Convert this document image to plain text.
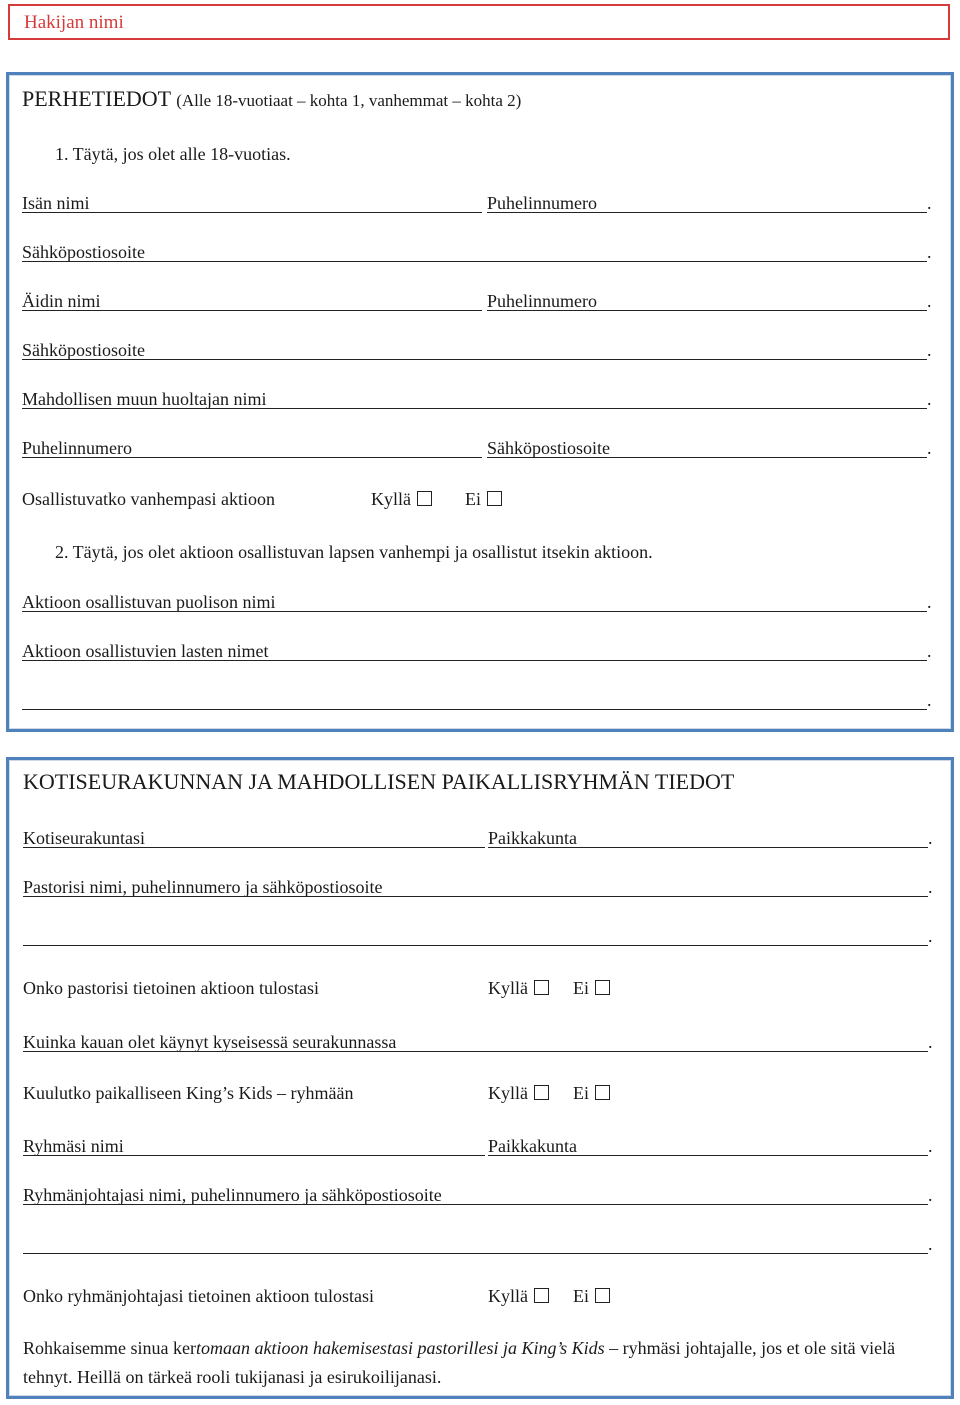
Hakijan nimi
PERHETIEDOT (Alle 18-vuotiaat – kohta 1, vanhemmat – kohta 2)
1. Täytä, jos olet alle 18-vuotias.
Isän nimi	Puhelinnumero	.
Sähköpostiosoite	.
Äidin nimi	Puhelinnumero	.
Sähköpostiosoite	.
Mahdollisen muun huoltajan nimi	.
Puhelinnumero	Sähköpostiosoite	.
Osallistuvatko vanhempasi aktioon	Kyllä	Ei
2. Täytä, jos olet aktioon osallistuvan lapsen vanhempi ja osallistut itsekin aktioon.
Aktioon osallistuvan puolison nimi	.
Aktioon osallistuvien lasten nimet	.
.
KOTISEURAKUNNAN JA MAHDOLLISEN PAIKALLISRYHMÄN TIEDOT
Kotiseurakuntasi	Paikkakunta	.
Pastorisi nimi, puhelinnumero ja sähköpostiosoite	.
.
Onko pastorisi tietoinen aktioon tulostasi	Kyllä	Ei
Kuinka kauan olet käynyt kyseisessä seurakunnassa	.
Kuulutko paikalliseen King’s Kids – ryhmään	Kyllä	Ei
Ryhmäsi nimi	Paikkakunta	.
Ryhmänjohtajasi nimi, puhelinnumero ja sähköpostiosoite	.
.
Onko ryhmänjohtajasi tietoinen aktioon tulostasi	Kyllä	Ei
Rohkaisemme sinua kertomaan aktioon hakemisestasi pastorillesi ja King’s Kids – ryhmäsi johtajalle, jos et ole sitä vielä tehnyt. Heillä on tärkeä rooli tukijanasi ja esirukoilijanasi.
